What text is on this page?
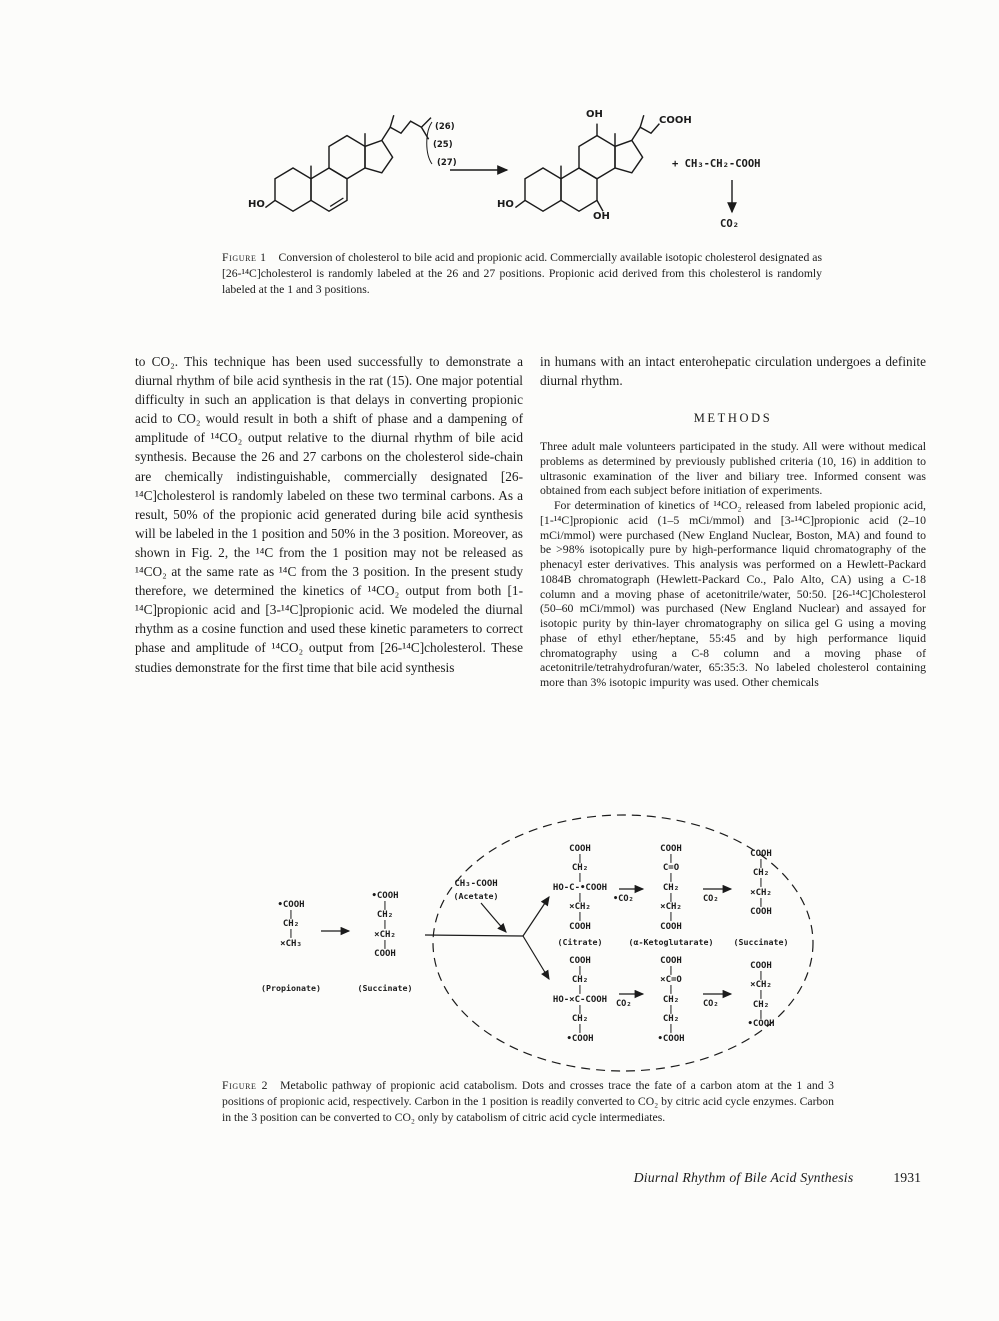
(26)
(25)
(27)
HO
OH
COOH
HO
OH
+ CH₃-CH₂-COOH
CO₂
Figure 1 Conversion of cholesterol to bile acid and propionic acid. Commercially available isotopic cholesterol designated as [26-¹⁴C]cholesterol is randomly labeled at the 26 and 27 positions. Propionic acid derived from this cholesterol is randomly labeled at the 1 and 3 positions.
to CO₂. This technique has been used successfully to demonstrate a diurnal rhythm of bile acid synthesis in the rat (15). One major potential difficulty in such an application is that delays in converting propionic acid to CO₂ would result in both a shift of phase and a dampening of amplitude of ¹⁴CO₂ output relative to the diurnal rhythm of bile acid synthesis. Because the 26 and 27 carbons on the cholesterol side-chain are chemically indistinguishable, commercially designated [26-¹⁴C]cholesterol is randomly labeled on these two terminal carbons. As a result, 50% of the propionic acid generated during bile acid synthesis will be labeled in the 1 position and 50% in the 3 position. Moreover, as shown in Fig. 2, the ¹⁴C from the 1 position may not be released as ¹⁴CO₂ at the same rate as ¹⁴C from the 3 position. In the present study therefore, we determined the kinetics of ¹⁴CO₂ output from both [1-¹⁴C]propionic acid and [3-¹⁴C]propionic acid. We modeled the diurnal rhythm as a cosine function and used these kinetic parameters to correct phase and amplitude of ¹⁴CO₂ output from [26-¹⁴C]cholesterol. These studies demonstrate for the first time that bile acid synthesis

in humans with an intact enterohepatic circulation undergoes a definite diurnal rhythm.

METHODS

Three adult male volunteers participated in the study. All were without medical problems as determined by previously published criteria (10, 16) in addition to ultrasonic examination of the liver and biliary tree. Informed consent was obtained from each subject before initiation of experiments.

For determination of kinetics of ¹⁴CO₂ released from labeled propionic acid, [1-¹⁴C]propionic acid (1–5 mCi/mmol) and [3-¹⁴C]propionic acid (2–10 mCi/mmol) were purchased (New England Nuclear, Boston, MA) and found to be >98% isotopically pure by high-performance liquid chromatography of the phenacyl ester derivatives. This analysis was performed on a Hewlett-Packard 1084B chromatograph (Hewlett-Packard Co., Palo Alto, CA) using a C-18 column and a moving phase of acetonitrile/water, 50:50. [26-¹⁴C]Cholesterol (50–60 mCi/mmol) was purchased (New England Nuclear) and assayed for isotopic purity by thin-layer chromatography on silica gel G using a moving phase of ethyl ether/heptane, 55:45 and by high performance liquid chromatography using a C-8 column and a moving phase of acetonitrile/tetrahydrofuran/water, 65:35:3. No labeled cholesterol containing more than 3% isotopic impurity was used. Other chemicals

•COOH
|
CH₂
|
×CH₃
(Propionate)
•COOH
|
CH₂
|
×CH₂
|
COOH
(Succinate)
CH₃-COOH
(Acetate)
COOH
|
CH₂
|
HO-C-•COOH
|
×CH₂
|
COOH
COOH
|
C=O
|
CH₂
|
×CH₂
|
COOH
COOH
|
CH₂
|
×CH₂
|
COOH
(Citrate)	(α-Ketoglutarate)	(Succinate)
COOH
|
CH₂
|
HO-×C-COOH
|
CH₂
|
•COOH
COOH
|
×C=O
|
CH₂
|
CH₂
|
•COOH
COOH
|
×CH₂
|
CH₂
|
•COOH
•CO₂	CO₂
CO₂	CO₂
Figure 2 Metabolic pathway of propionic acid catabolism. Dots and crosses trace the fate of a carbon atom at the 1 and 3 positions of propionic acid, respectively. Carbon in the 1 position is readily converted to CO₂ by citric acid cycle enzymes. Carbon in the 3 position can be converted to CO₂ only by catabolism of citric acid cycle intermediates.
Diurnal Rhythm of Bile Acid Synthesis	1931
